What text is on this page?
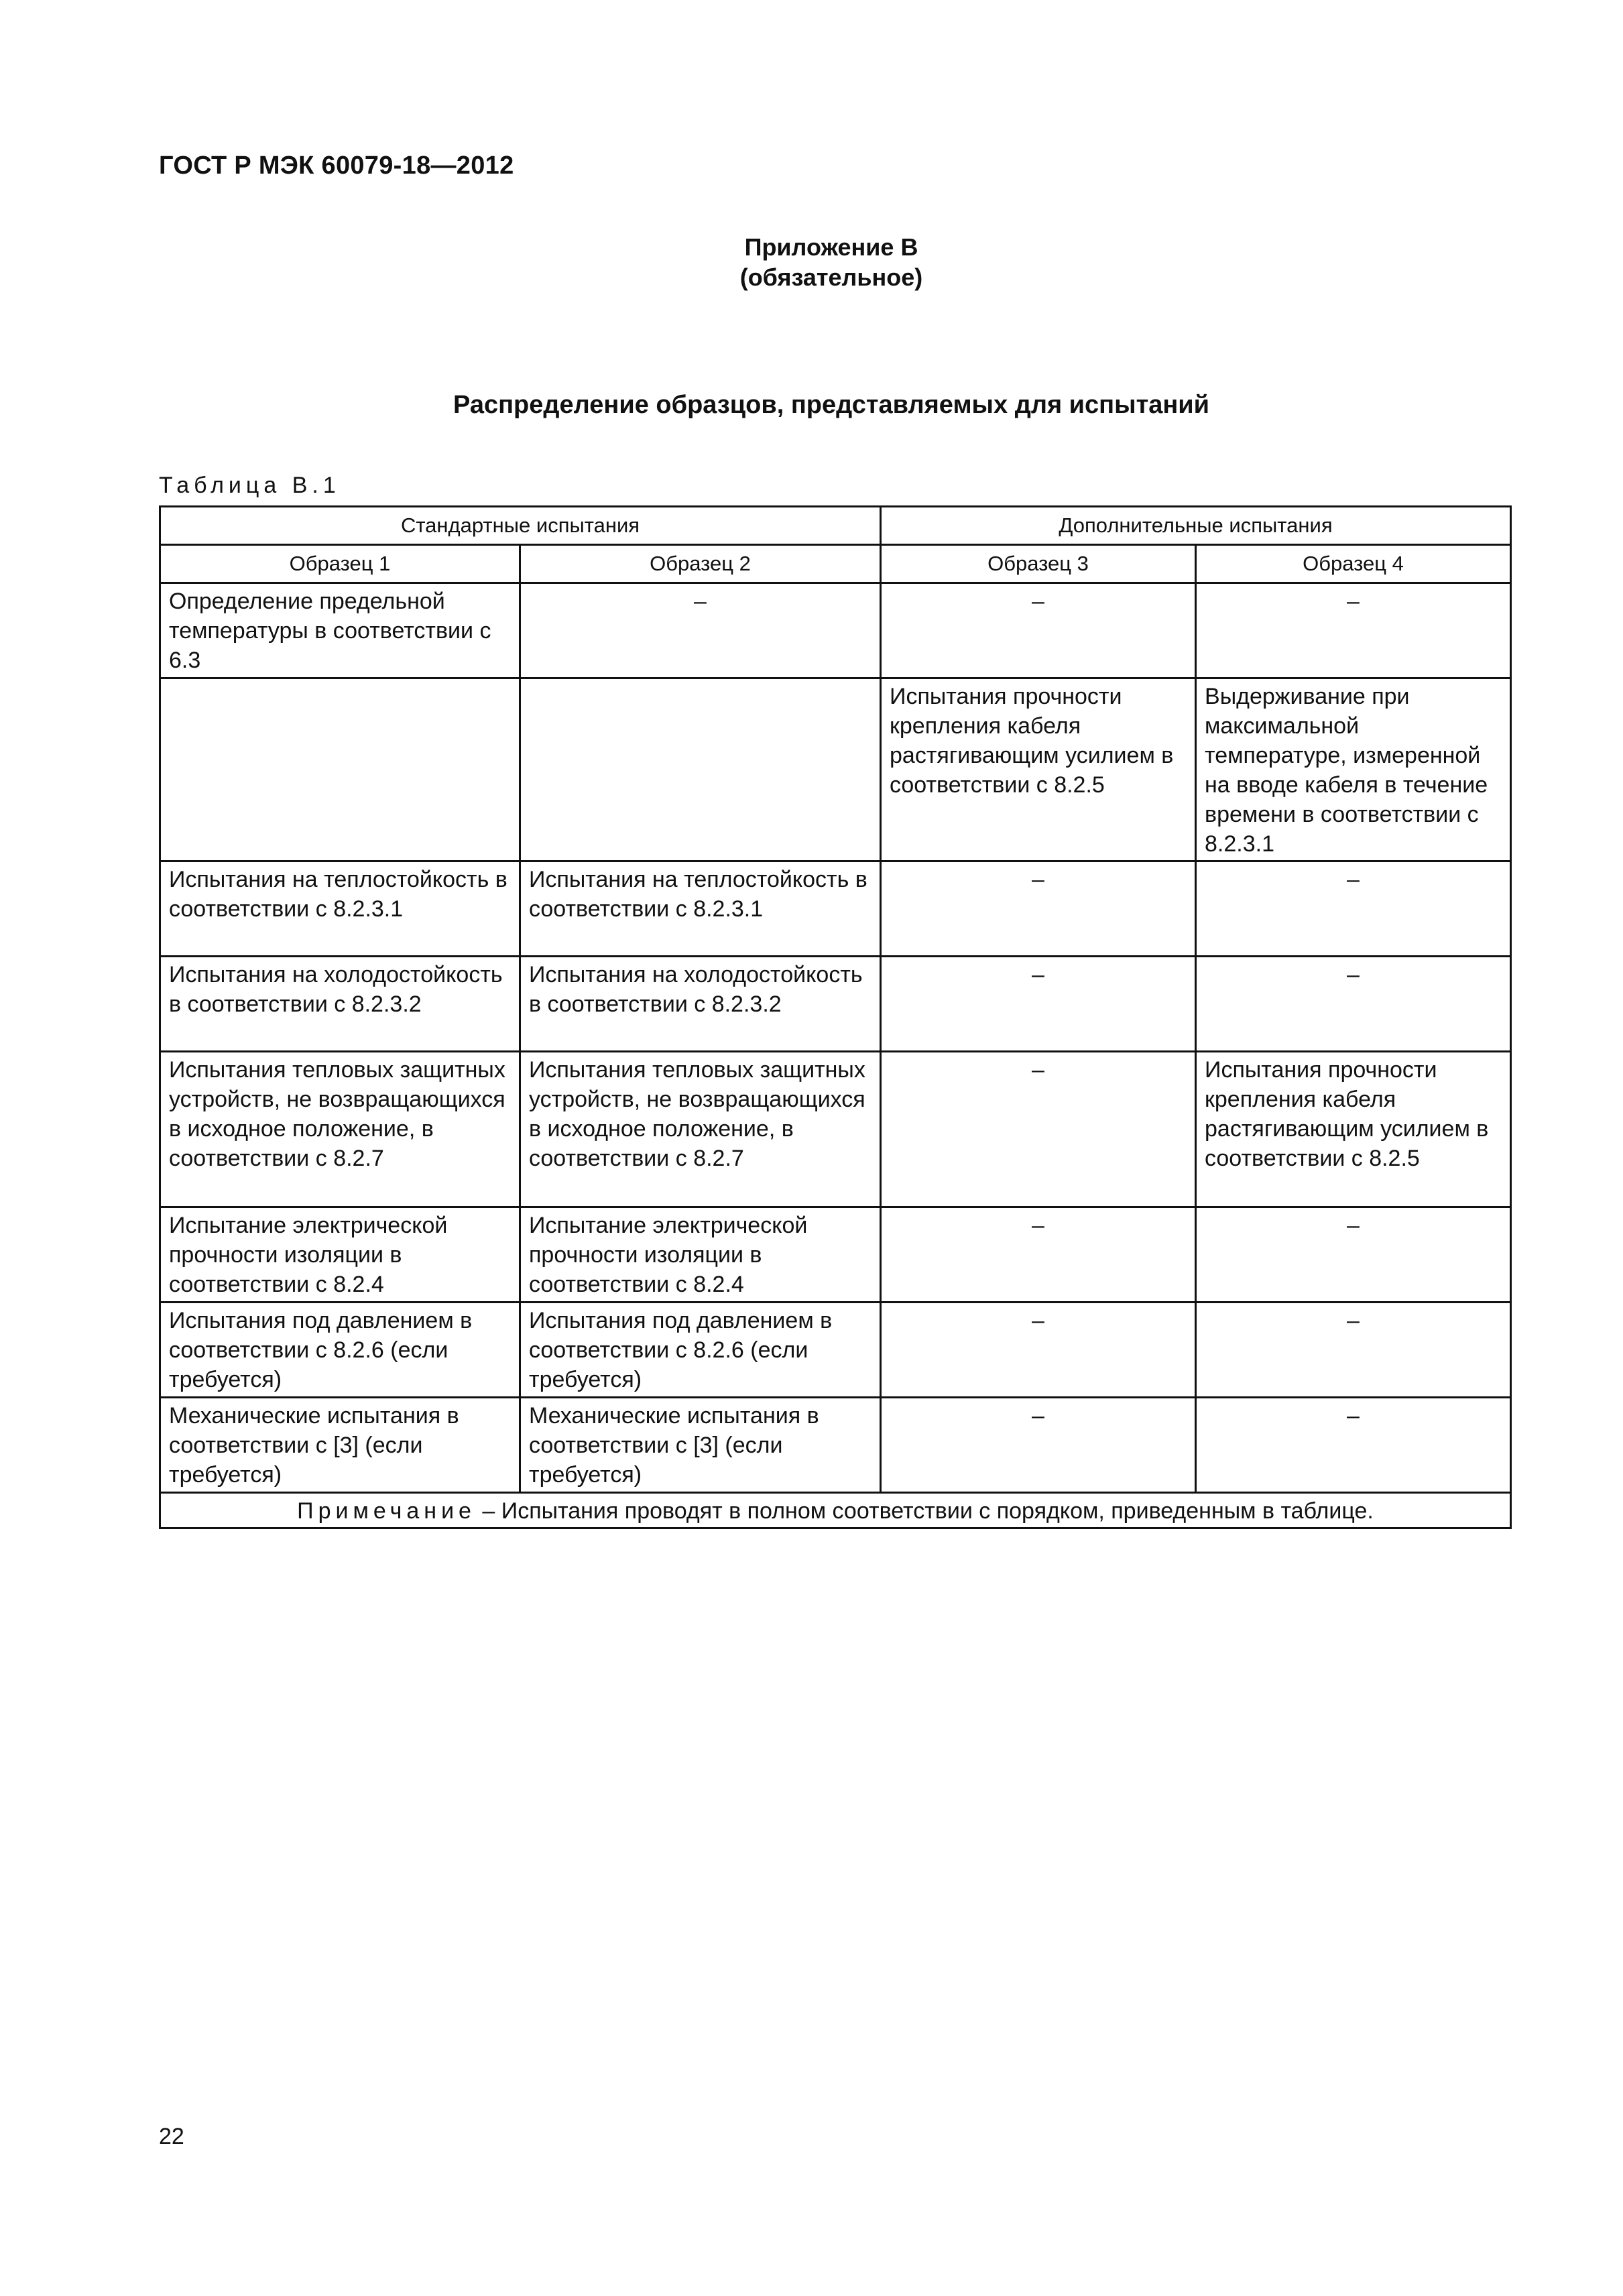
ГОСТ Р МЭК 60079-18—2012
Приложение В
(обязательное)
Распределение образцов, представляемых для испытаний
Таблица В.1
Стандартные испытания		Дополнительные испытания	
Образец 1	Образец 2	Образец 3	Образец 4
Определение предельной температуры в соответствии с 6.3	–	–	–
		Испытания прочности крепления кабеля растягивающим усилием в соответствии с 8.2.5	Выдерживание при максимальной температуре, измеренной на вводе кабеля в течение времени в соответствии с 8.2.3.1
Испытания на теплостойкость в соответствии с 8.2.3.1	Испытания на теплостойкость в соответствии с 8.2.3.1	–	–
Испытания на холодостойкость в соответствии с 8.2.3.2	Испытания на холодостойкость в соответствии с 8.2.3.2	–	–
Испытания тепловых защитных устройств, не возвращающихся в исходное положение, в соответствии с 8.2.7	Испытания тепловых защитных устройств, не возвращающихся в исходное положение, в соответствии с 8.2.7	–	Испытания прочности крепления кабеля растягивающим усилием в соответствии с 8.2.5
Испытание электрической прочности изоляции в соответствии с 8.2.4	Испытание электрической прочности изоляции в соответствии с 8.2.4	–	–
Испытания под давлением в соответствии с 8.2.6 (если требуется)	Испытания под давлением в соответствии с 8.2.6 (если требуется)	–	–
Механические испытания в соответствии с [3] (если требуется)	Механические испытания в соответствии с [3] (если требуется)	–	–
Примечание – Испытания проводят в полном соответствии с порядком, приведенным в таблице.			
22
